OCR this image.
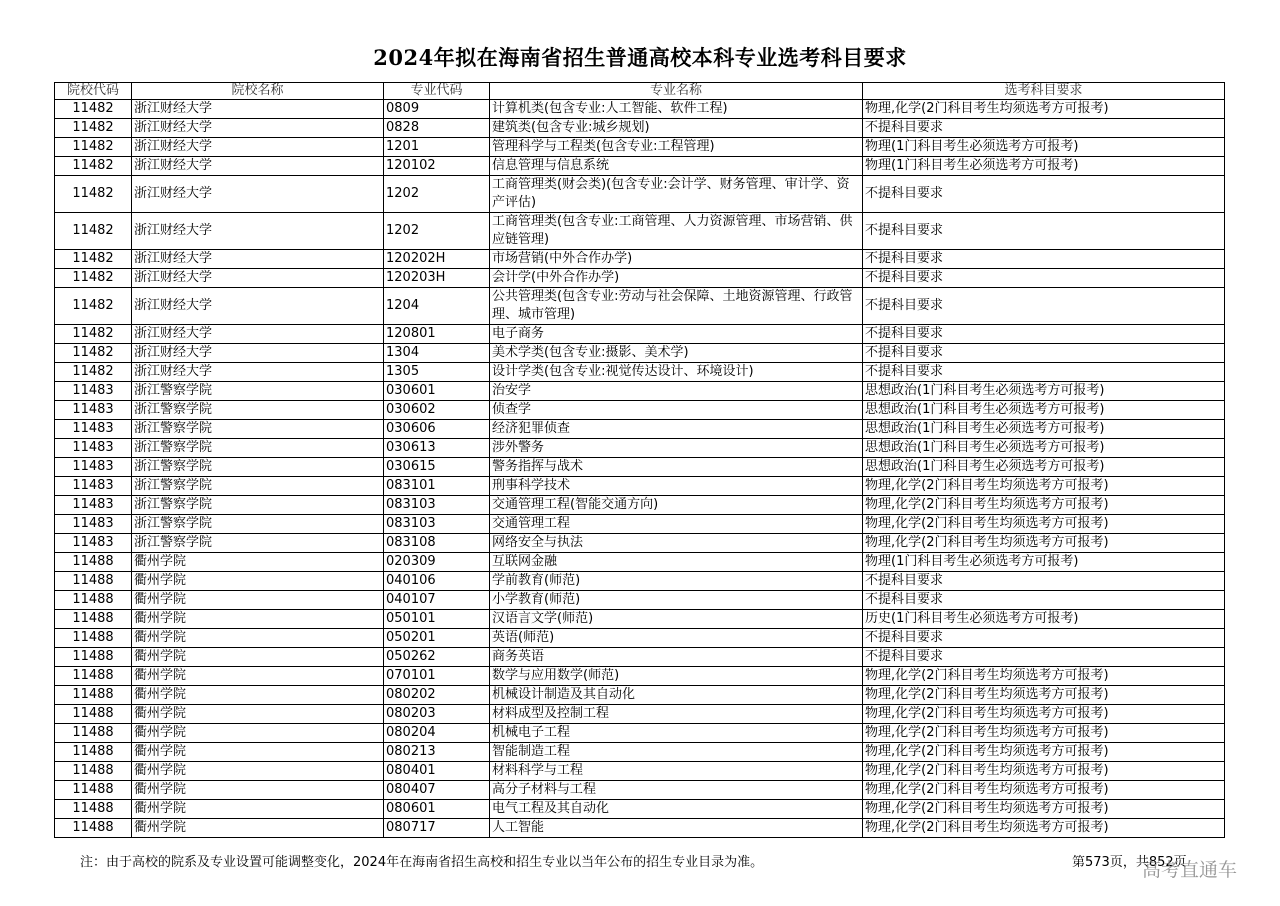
2024年拟在海南省招生普通高校本科专业选考科目要求
院校代码	院校名称	专业代码	专业名称	选考科目要求
11482	浙江财经大学	0809	计算机类(包含专业:人工智能、软件工程)	物理,化学(2门科目考生均须选考方可报考)
11482	浙江财经大学	0828	建筑类(包含专业:城乡规划)	不提科目要求
11482	浙江财经大学	1201	管理科学与工程类(包含专业:工程管理)	物理(1门科目考生必须选考方可报考)
11482	浙江财经大学	120102	信息管理与信息系统	物理(1门科目考生必须选考方可报考)
11482	浙江财经大学	1202	工商管理类(财会类)(包含专业:会计学、财务管理、审计学、资产评估)	不提科目要求
11482	浙江财经大学	1202	工商管理类(包含专业:工商管理、人力资源管理、市场营销、供应链管理)	不提科目要求
11482	浙江财经大学	120202H	市场营销(中外合作办学)	不提科目要求
11482	浙江财经大学	120203H	会计学(中外合作办学)	不提科目要求
11482	浙江财经大学	1204	公共管理类(包含专业:劳动与社会保障、土地资源管理、行政管理、城市管理)	不提科目要求
11482	浙江财经大学	120801	电子商务	不提科目要求
11482	浙江财经大学	1304	美术学类(包含专业:摄影、美术学)	不提科目要求
11482	浙江财经大学	1305	设计学类(包含专业:视觉传达设计、环境设计)	不提科目要求
11483	浙江警察学院	030601	治安学	思想政治(1门科目考生必须选考方可报考)
11483	浙江警察学院	030602	侦查学	思想政治(1门科目考生必须选考方可报考)
11483	浙江警察学院	030606	经济犯罪侦查	思想政治(1门科目考生必须选考方可报考)
11483	浙江警察学院	030613	涉外警务	思想政治(1门科目考生必须选考方可报考)
11483	浙江警察学院	030615	警务指挥与战术	思想政治(1门科目考生必须选考方可报考)
11483	浙江警察学院	083101	刑事科学技术	物理,化学(2门科目考生均须选考方可报考)
11483	浙江警察学院	083103	交通管理工程(智能交通方向)	物理,化学(2门科目考生均须选考方可报考)
11483	浙江警察学院	083103	交通管理工程	物理,化学(2门科目考生均须选考方可报考)
11483	浙江警察学院	083108	网络安全与执法	物理,化学(2门科目考生均须选考方可报考)
11488	衢州学院	020309	互联网金融	物理(1门科目考生必须选考方可报考)
11488	衢州学院	040106	学前教育(师范)	不提科目要求
11488	衢州学院	040107	小学教育(师范)	不提科目要求
11488	衢州学院	050101	汉语言文学(师范)	历史(1门科目考生必须选考方可报考)
11488	衢州学院	050201	英语(师范)	不提科目要求
11488	衢州学院	050262	商务英语	不提科目要求
11488	衢州学院	070101	数学与应用数学(师范)	物理,化学(2门科目考生均须选考方可报考)
11488	衢州学院	080202	机械设计制造及其自动化	物理,化学(2门科目考生均须选考方可报考)
11488	衢州学院	080203	材料成型及控制工程	物理,化学(2门科目考生均须选考方可报考)
11488	衢州学院	080204	机械电子工程	物理,化学(2门科目考生均须选考方可报考)
11488	衢州学院	080213	智能制造工程	物理,化学(2门科目考生均须选考方可报考)
11488	衢州学院	080401	材料科学与工程	物理,化学(2门科目考生均须选考方可报考)
11488	衢州学院	080407	高分子材料与工程	物理,化学(2门科目考生均须选考方可报考)
11488	衢州学院	080601	电气工程及其自动化	物理,化学(2门科目考生均须选考方可报考)
11488	衢州学院	080717	人工智能	物理,化学(2门科目考生均须选考方可报考)
注：由于高校的院系及专业设置可能调整变化，2024年在海南省招生高校和招生专业以当年公布的招生专业目录为准。	第573页，共852页
高考直通车
